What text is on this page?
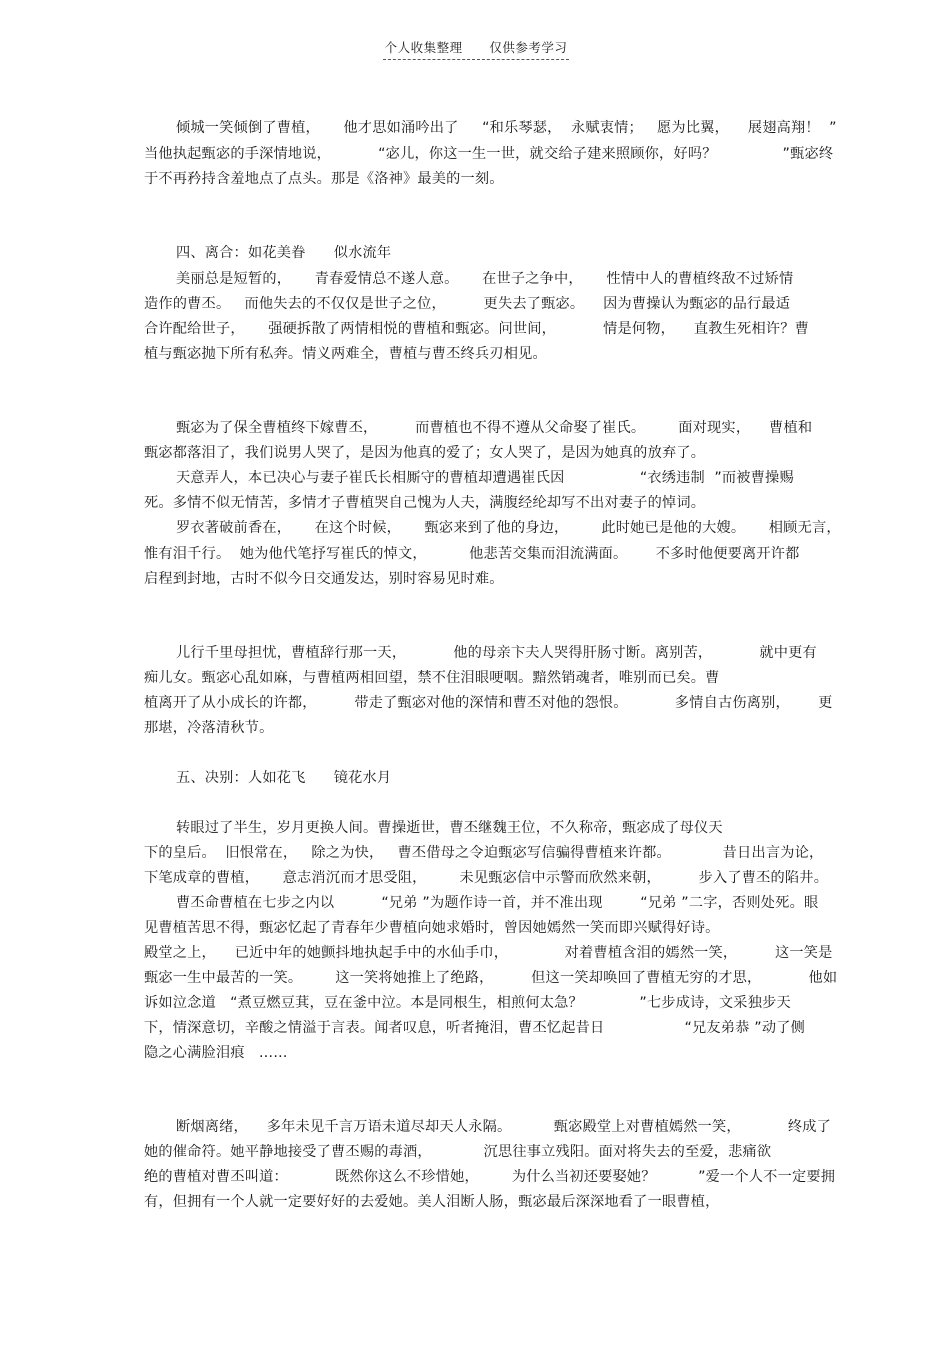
个人收集整理      仅供参考学习
倾城一笑倾倒了曹植，     他才思如涌吟出了     “和乐琴瑟，  永赋衷情；   愿为比翼，    展翅高翔！  ”
当他执起甄宓的手深情地说，          “宓儿，你这一生一世，就交给子建来照顾你，好吗？              ”甄宓终
于不再矜持含羞地点了点头。那是《洛神》最美的一刻。
四、离合：如花美眷      似水流年
美丽总是短暂的，     青春爱情总不遂人意。     在世子之争中，     性情中人的曹植终敌不过矫情
造作的曹丕。   而他失去的不仅仅是世子之位，        更失去了甄宓。    因为曹操认为甄宓的品行最适
合许配给世子，     强硬拆散了两情相悦的曹植和甄宓。问世间，          情是何物，    直教生死相许？曹
植与甄宓抛下所有私奔。情义两难全，曹植与曹丕终兵刃相见。
甄宓为了保全曹植终下嫁曹丕，        而曹植也不得不遵从父命娶了崔氏。       面对现实，    曹植和
甄宓都落泪了，我们说男人哭了，是因为他真的爱了；女人哭了，是因为她真的放弃了。
天意弄人，本已决心与妻子崔氏长相厮守的曹植却遭遇崔氏因                “衣绣违制  ”而被曹操赐
死。多情不似无情苦，多情才子曹植哭自己愧为人夫，满腹经纶却写不出对妻子的悼词。
罗衣著破前香在，     在这个时候，     甄宓来到了他的身边，       此时她已是他的大嫂。     相顾无言，
惟有泪千行。  她为他代笔抒写崔氏的悼文，         他悲苦交集而泪流满面。      不多时他便要离开许都
启程到封地，古时不似今日交通发达，别时容易见时难。
儿行千里母担忧，曹植辞行那一天，          他的母亲卞夫人哭得肝肠寸断。离别苦，          就中更有
痴儿女。甄宓心乱如麻，与曹植两相回望，禁不住泪眼哽咽。黯然销魂者，唯别而已矣。曹
植离开了从小成长的许都，        带走了甄宓对他的深情和曹丕对他的怨恨。          多情自古伤离别，      更
那堪，冷落清秋节。
五、决别：人如花飞      镜花水月
转眼过了半生，岁月更换人间。曹操逝世，曹丕继魏王位，不久称帝，甄宓成了母仪天
下的皇后。  旧恨常在，   除之为快，   曹丕借母之令迫甄宓写信骗得曹植来许都。           昔日出言为论，
下笔成章的曹植，     意志消沉而才思受阻，       未见甄宓信中示警而欣然来朝，        步入了曹丕的陷井。
曹丕命曹植在七步之内以          “兄弟 ”为题作诗一首，并不准出现        “兄弟 ”二字，否则处死。眼
见曹植苦思不得，甄宓忆起了青春年少曹植向她求婚时，曾因她嫣然一笑而即兴赋得好诗。
殿堂之上，    已近中年的她颤抖地执起手中的水仙手巾，            对着曹植含泪的嫣然一笑，        这一笑是
甄宓一生中最苦的一笑。       这一笑将她推上了绝路，        但这一笑却唤回了曹植无穷的才思，          他如
诉如泣念道   “煮豆燃豆萁，豆在釜中泣。本是同根生，相煎何太急？            ”七步成诗，文采独步天
下，情深意切，辛酸之情溢于言表。闻者叹息，听者掩泪，曹丕忆起昔日                 “兄友弟恭 ”动了侧
隐之心满脸泪痕   ……
断烟离绪，    多年未见千言万语未道尽却天人永隔。         甄宓殿堂上对曹植嫣然一笑，          终成了
她的催命符。她平静地接受了曹丕赐的毒酒，           沉思往事立残阳。面对将失去的至爱，悲痛欲
绝的曹植对曹丕叫道：          既然你这么不珍惜她，       为什么当初还要娶她？         ”爱一个人不一定要拥
有，但拥有一个人就一定要好好的去爱她。美人泪断人肠，甄宓最后深深地看了一眼曹植，
